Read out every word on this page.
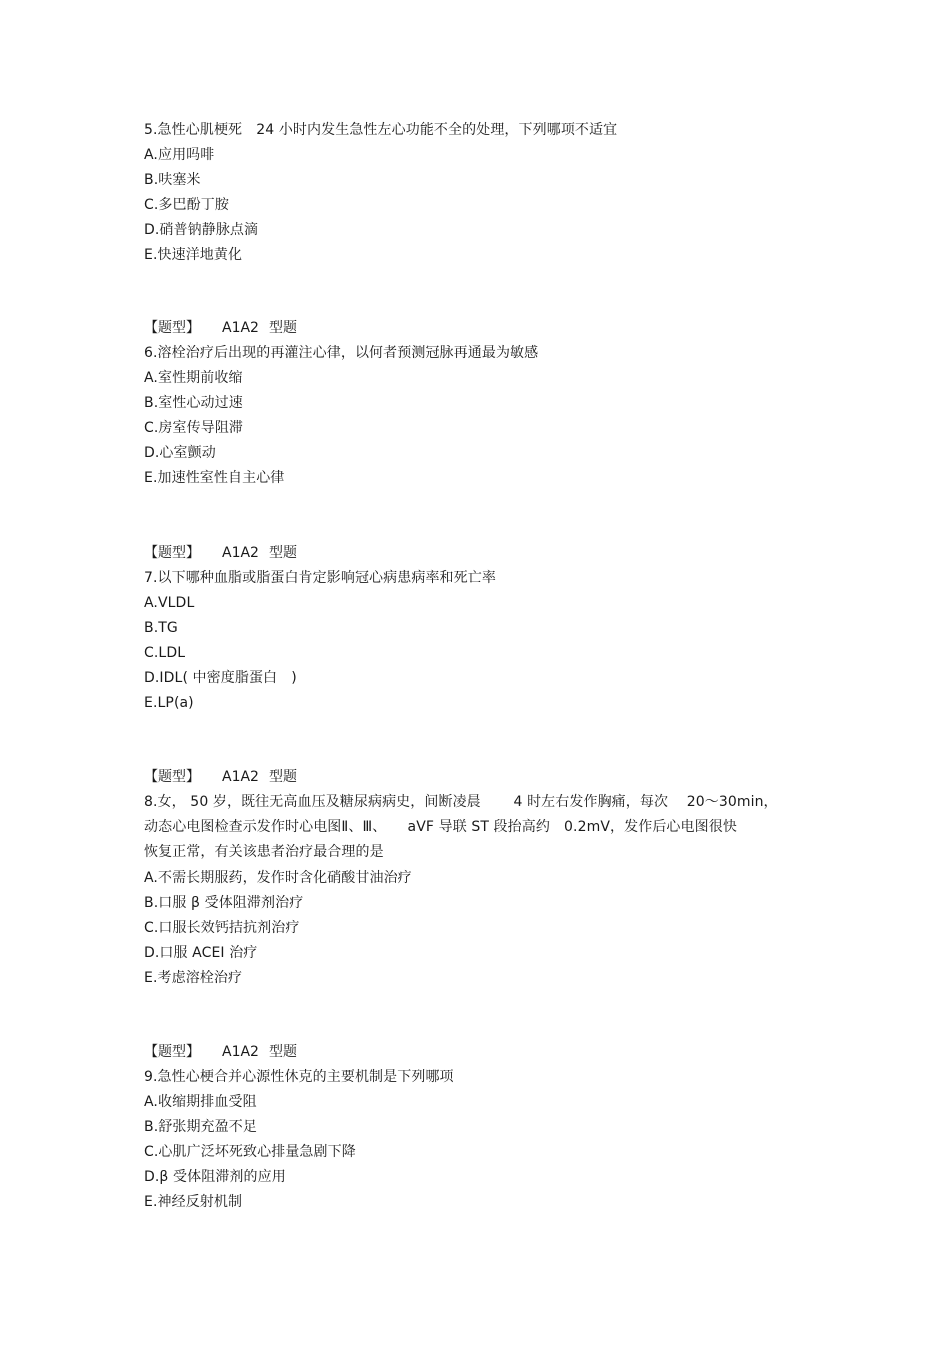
5.急性心肌梗死　24 小时内发生急性左心功能不全的处理，下列哪项不适宜
A.应用吗啡
B.呋塞米
C.多巴酚丁胺
D.硝普钠静脉点滴
E.快速洋地黄化
【题型】 A1A2 型题
6.溶栓治疗后出现的再灌注心律，以何者预测冠脉再通最为敏感
A.室性期前收缩
B.室性心动过速
C.房室传导阻滞
D.心室颤动
E.加速性室性自主心律
【题型】 A1A2 型题
7.以下哪种血脂或脂蛋白肯定影响冠心病患病率和死亡率
A.VLDL
B.TG
C.LDL
D.IDL( 中密度脂蛋白　)
E.LP(a)
【题型】 A1A2 型题
8.女， 50 岁，既往无高血压及糖尿病病史，间断凌晨　　 4 时左右发作胸痛，每次　 20～30min，
动态心电图检查示发作时心电图Ⅱ、Ⅲ、　　aVF 导联 ST 段抬高约　0.2mV，发作后心电图很快
恢复正常，有关该患者治疗最合理的是
A.不需长期服药，发作时含化硝酸甘油治疗
B.口服 β 受体阻滞剂治疗
C.口服长效钙拮抗剂治疗
D.口服 ACEI 治疗
E.考虑溶栓治疗
【题型】 A1A2 型题
9.急性心梗合并心源性休克的主要机制是下列哪项
A.收缩期排血受阻
B.舒张期充盈不足
C.心肌广泛坏死致心排量急剧下降
D.β 受体阻滞剂的应用
E.神经反射机制
